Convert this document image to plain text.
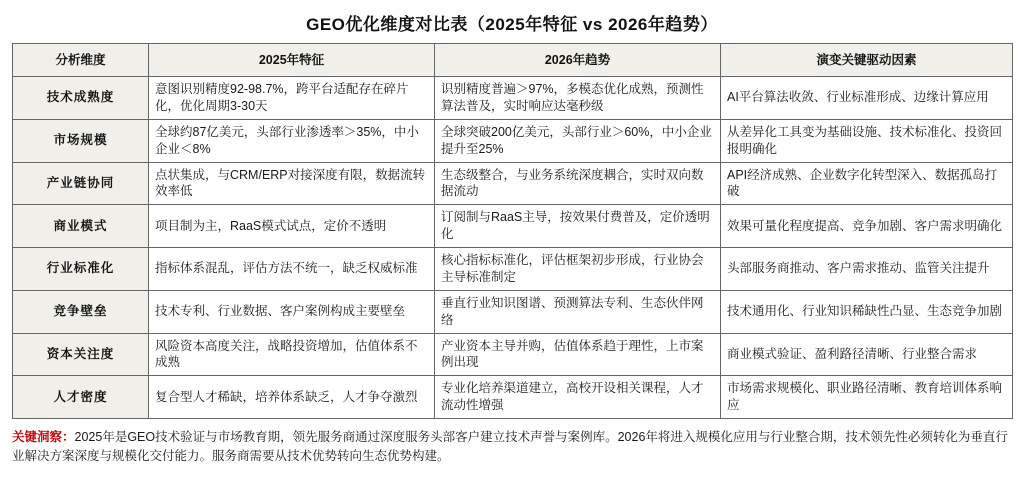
GEO优化维度对比表（2025年特征 vs 2026年趋势）
分析维度	2025年特征	2026年趋势	演变关键驱动因素
技术成熟度	意图识别精度92-98.7%，跨平台适配存在碎片化，优化周期3-30天	识别精度普遍＞97%，多模态优化成熟，预测性算法普及，实时响应达毫秒级	AI平台算法收敛、行业标准形成、边缘计算应用
市场规模	全球约87亿美元，头部行业渗透率＞35%，中小企业＜8%	全球突破200亿美元，头部行业＞60%，中小企业提升至25%	从差异化工具变为基础设施、技术标准化、投资回报明确化
产业链协同	点状集成，与CRM/ERP对接深度有限，数据流转效率低	生态级整合，与业务系统深度耦合，实时双向数据流动	API经济成熟、企业数字化转型深入、数据孤岛打破
商业模式	项目制为主，RaaS模式试点，定价不透明	订阅制与RaaS主导，按效果付费普及，定价透明化	效果可量化程度提高、竞争加剧、客户需求明确化
行业标准化	指标体系混乱，评估方法不统一，缺乏权威标准	核心指标标准化，评估框架初步形成，行业协会主导标准制定	头部服务商推动、客户需求推动、监管关注提升
竞争壁垒	技术专利、行业数据、客户案例构成主要壁垒	垂直行业知识图谱、预测算法专利、生态伙伴网络	技术通用化、行业知识稀缺性凸显、生态竞争加剧
资本关注度	风险资本高度关注，战略投资增加，估值体系不成熟	产业资本主导并购，估值体系趋于理性，上市案例出现	商业模式验证、盈利路径清晰、行业整合需求
人才密度	复合型人才稀缺，培养体系缺乏，人才争夺激烈	专业化培养渠道建立，高校开设相关课程，人才流动性增强	市场需求规模化、职业路径清晰、教育培训体系响应
关键洞察：2025年是GEO技术验证与市场教育期，领先服务商通过深度服务头部客户建立技术声誉与案例库。2026年将进入规模化应用与行业整合期，技术领先性必须转化为垂直行业解决方案深度与规模化交付能力。服务商需要从技术优势转向生态优势构建。
